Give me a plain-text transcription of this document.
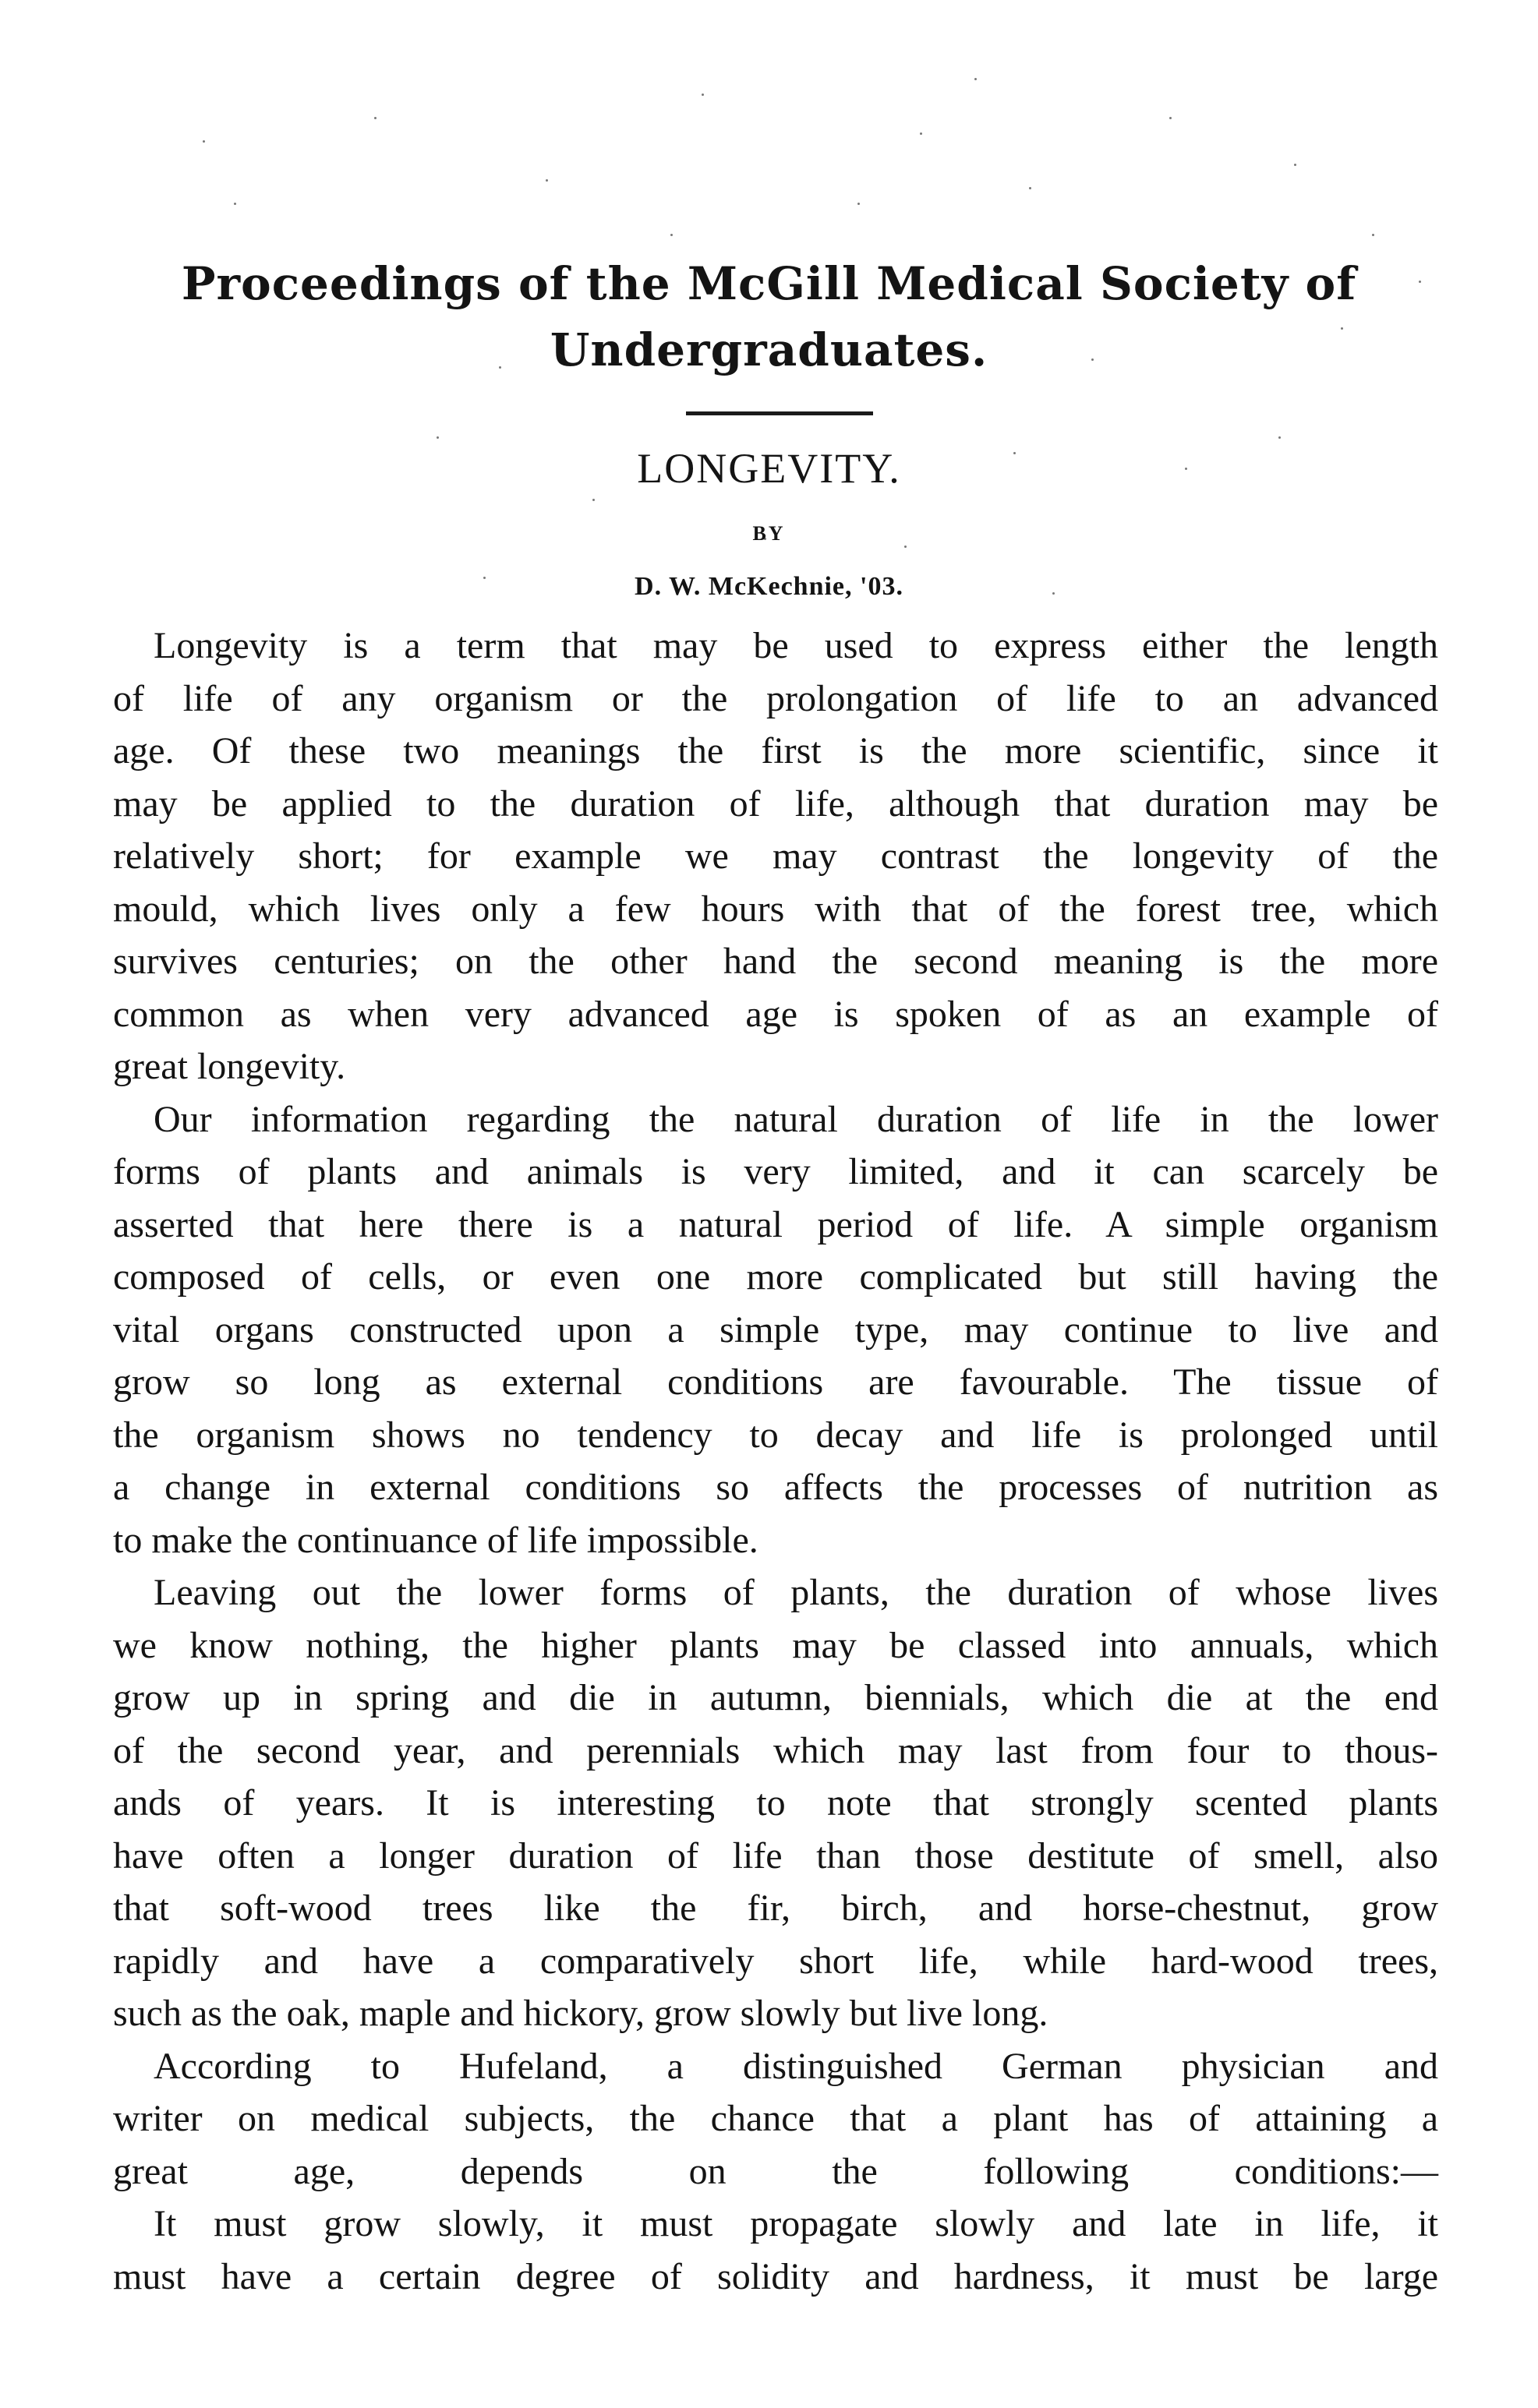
Proceedings of the McGill Medical Society of
Undergraduates.
LONGEVITY.
BY
D. W. McKechnie, '03.
Longevity is a term that may be used to express either the length
of life of any organism or the prolongation of life to an advanced
age. Of these two meanings the first is the more scientific, since it
may be applied to the duration of life, although that duration may be
relatively short; for example we may contrast the longevity of the
mould, which lives only a few hours with that of the forest tree, which
survives centuries; on the other hand the second meaning is the more
common as when very advanced age is spoken of as an example of
great longevity.
Our information regarding the natural duration of life in the lower
forms of plants and animals is very limited, and it can scarcely be
asserted that here there is a natural period of life. A simple organism
composed of cells, or even one more complicated but still having the
vital organs constructed upon a simple type, may continue to live and
grow so long as external conditions are favourable. The tissue of
the organism shows no tendency to decay and life is prolonged until
a change in external conditions so affects the processes of nutrition as
to make the continuance of life impossible.
Leaving out the lower forms of plants, the duration of whose lives
we know nothing, the higher plants may be classed into annuals, which
grow up in spring and die in autumn, biennials, which die at the end
of the second year, and perennials which may last from four to thous-
ands of years. It is interesting to note that strongly scented plants
have often a longer duration of life than those destitute of smell, also
that soft-wood trees like the fir, birch, and horse-chestnut, grow
rapidly and have a comparatively short life, while hard-wood trees,
such as the oak, maple and hickory, grow slowly but live long.
According to Hufeland, a distinguished German physician and
writer on medical subjects, the chance that a plant has of attaining a
great age, depends on the following conditions:—
It must grow slowly, it must propagate slowly and late in life, it
must have a certain degree of solidity and hardness, it must be large
